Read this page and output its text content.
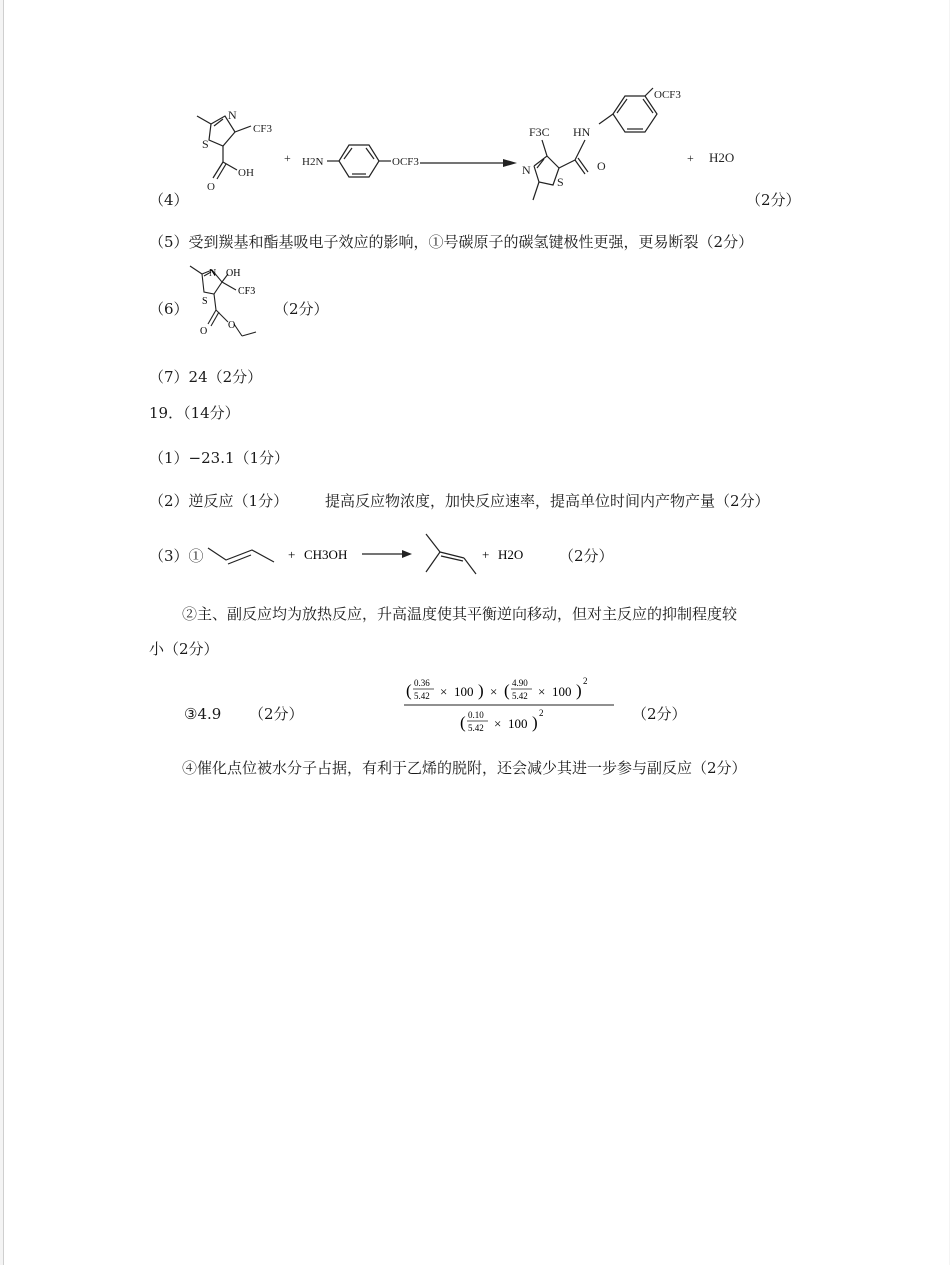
N
S
CF3
OH
O
+ H2N	OCF3
F3C HN
N
S
O
OCF3
+ H2O
（4）	（2分）
（5）受到羰基和酯基吸电子效应的影响，①号碳原子的碳氢键极性更强，更易断裂（2分）
（6）
N OH
CF3
S
O
O
（2分）
（7）24（2分）
19．（14分）
（1）−23.1（1分）
（2）逆反应（1分） 提高反应物浓度，加快反应速率，提高单位时间内产物产量（2分）
（3）①	+ CH3OH	+ H2O （2分）
②主、副反应均为放热反应，升高温度使其平衡逆向移动，但对主反应的抑制程度较
小（2分）
③4.9 （2分）
( 0.36
5.42 × 100 ) × ( 4.90
5.42 × 100 ) 2
( 0.10
5.42 × 100 ) 2	（2分）
④催化点位被水分子占据，有利于乙烯的脱附，还会减少其进一步参与副反应（2分）
